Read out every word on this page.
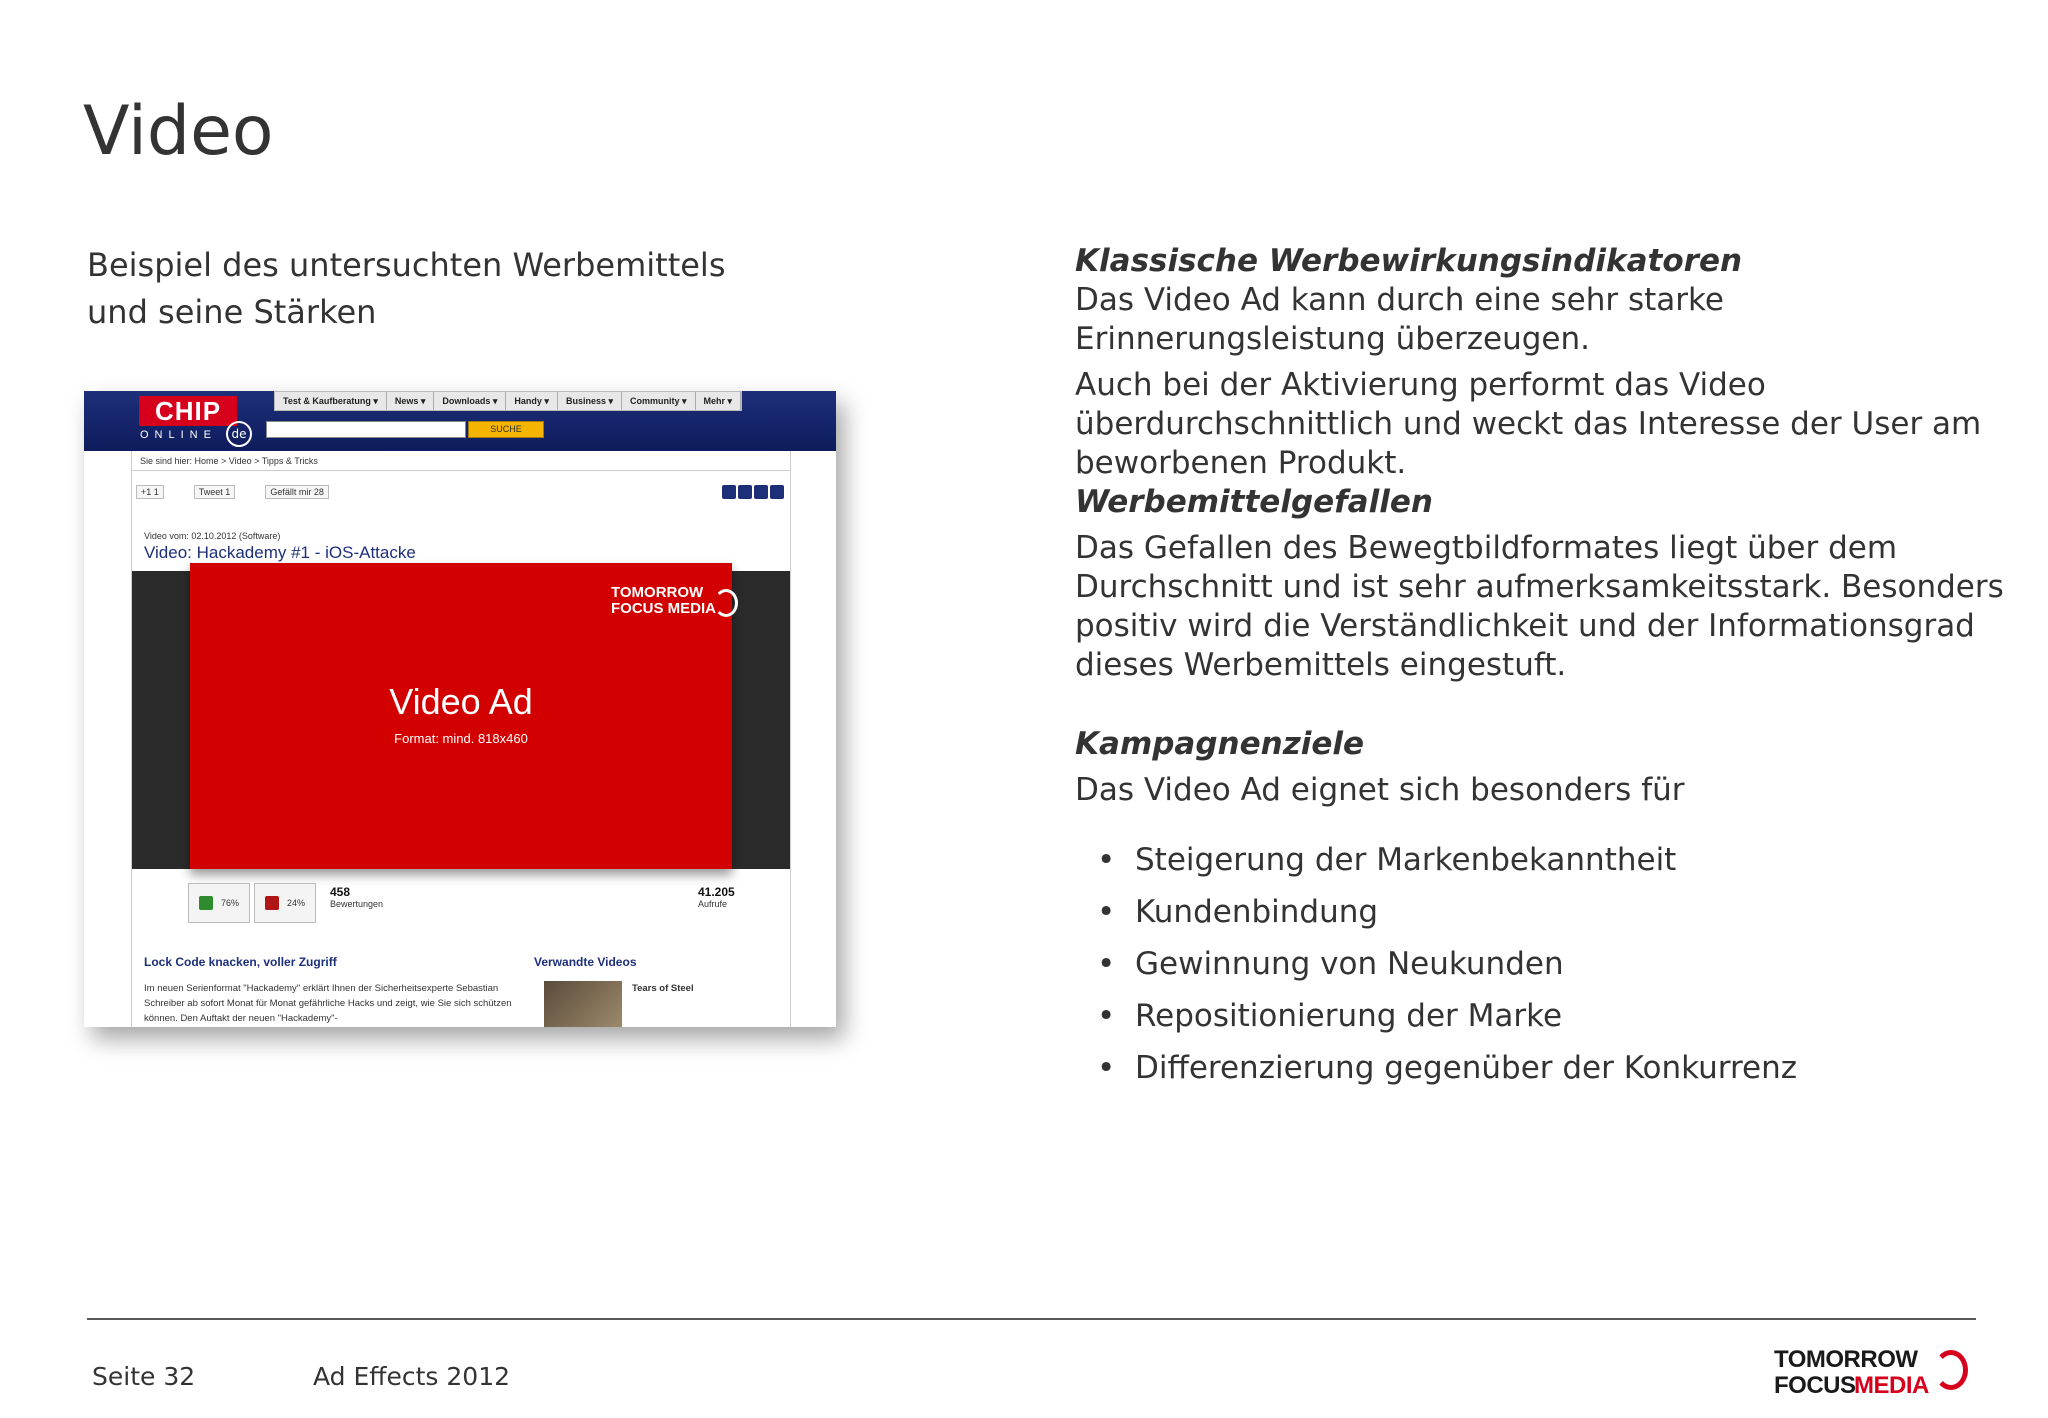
Video
Beispiel des untersuchten Werbemittels
und seine Stärken
CHIP
ONLINE	de
Test & Kaufberatung ▾	News ▾	Downloads ▾	Handy ▾	Business ▾	Community ▾	Mehr ▾
SUCHE
Sie sind hier: Home > Video > Tipps & Tricks
+1 1	Tweet 1	Gefällt mir 28
Video vom: 02.10.2012 (Software)
Video: Hackademy #1 - iOS-Attacke
TOMORROW
FOCUS MEDIA
Video Ad
Format: mind. 818x460
76%	24%
458
Bewertungen
41.205
Aufrufe
Lock Code knacken, voller Zugriff
Im neuen Serienformat "Hackademy" erklärt Ihnen der Sicherheitsexperte Sebastian Schreiber ab sofort Monat für Monat gefährliche Hacks und zeigt, wie Sie sich schützen können. Den Auftakt der neuen "Hackademy"-
Verwandte Videos
Tears of Steel
Klassische Werbewirkungsindikatoren

Das Video Ad kann durch eine sehr starke Erinnerungsleistung überzeugen.

Auch bei der Aktivierung performt das Video überdurchschnittlich und weckt das Interesse der User am beworbenen Produkt.

Werbemittelgefallen

Das Gefallen des Bewegtbildformates liegt über dem Durchschnitt und ist sehr aufmerksamkeitsstark. Besonders positiv wird die Verständlichkeit und der Informationsgrad dieses Werbemittels eingestuft.

Kampagnenziele

Das Video Ad eignet sich besonders für

• Steigerung der Markenbekanntheit
• Kundenbindung
• Gewinnung von Neukunden
• Repositionierung der Marke
• Differenzierung gegenüber der Konkurrenz
Seite 32	Ad Effects 2012
TOMORROW
FOCUS
MEDIA
